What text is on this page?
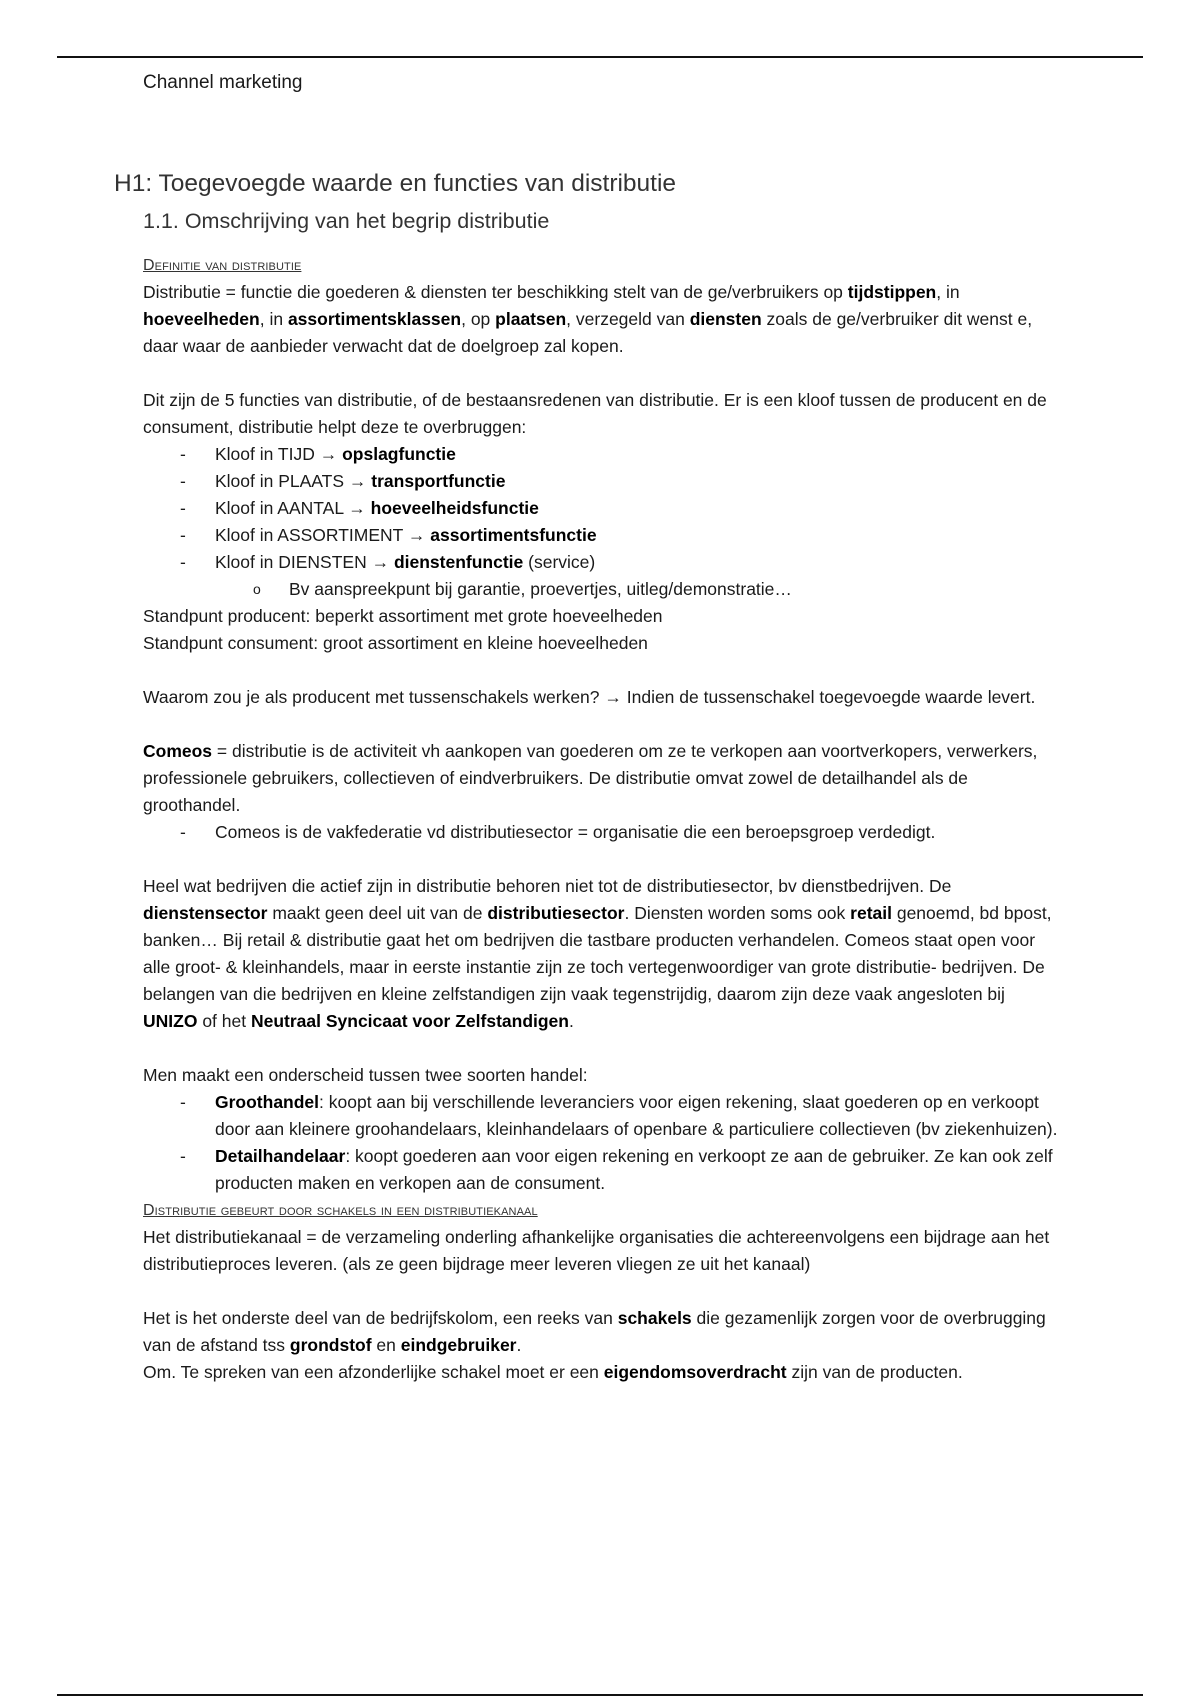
Channel marketing
H1: Toegevoegde waarde en functies van distributie
1.1. Omschrijving van het begrip distributie

Definitie van distributie

Distributie = functie die goederen & diensten ter beschikking stelt van de ge/verbruikers op tijdstippen, in hoeveelheden, in assortimentsklassen, op plaatsen, verzegeld van diensten zoals de ge/verbruiker dit wenst e, daar waar de aanbieder verwacht dat de doelgroep zal kopen.

Dit zijn de 5 functies van distributie, of de bestaansredenen van distributie. Er is een kloof tussen de producent en de consument, distributie helpt deze te overbruggen:

-	Kloof in TIJD → opslagfunctie
-	Kloof in PLAATS → transportfunctie
-	Kloof in AANTAL → hoeveelheidsfunctie
-	Kloof in ASSORTIMENT → assortimentsfunctie
-	Kloof in DIENSTEN → dienstenfunctie (service)
o	Bv aanspreekpunt bij garantie, proevertjes, uitleg/demonstratie…

Standpunt producent: beperkt assortiment met grote hoeveelheden

Standpunt consument: groot assortiment en kleine hoeveelheden

Waarom zou je als producent met tussenschakels werken? → Indien de tussenschakel toegevoegde waarde levert.

Comeos = distributie is de activiteit vh aankopen van goederen om ze te verkopen aan voortverkopers, verwerkers, professionele gebruikers, collectieven of eindverbruikers. De distributie omvat zowel de detailhandel als de groothandel.

-	Comeos is de vakfederatie vd distributiesector = organisatie die een beroepsgroep verdedigt.

Heel wat bedrijven die actief zijn in distributie behoren niet tot de distributiesector, bv dienstbedrijven. De dienstensector maakt geen deel uit van de distributiesector. Diensten worden soms ook retail genoemd, bd bpost, banken… Bij retail & distributie gaat het om bedrijven die tastbare producten verhandelen. Comeos staat open voor alle groot- & kleinhandels, maar in eerste instantie zijn ze toch vertegenwoordiger van grote distributie- bedrijven. De belangen van die bedrijven en kleine zelfstandigen zijn vaak tegenstrijdig, daarom zijn deze vaak angesloten bij UNIZO of het Neutraal Syncicaat voor Zelfstandigen.

Men maakt een onderscheid tussen twee soorten handel:

-	Groothandel: koopt aan bij verschillende leveranciers voor eigen rekening, slaat goederen op en verkoopt door aan kleinere groohandelaars, kleinhandelaars of openbare & particuliere collectieven (bv ziekenhuizen).
-	Detailhandelaar: koopt goederen aan voor eigen rekening en verkoopt ze aan de gebruiker. Ze kan ook zelf producten maken en verkopen aan de consument.

Distributie gebeurt door schakels in een distributiekanaal

Het distributiekanaal = de verzameling onderling afhankelijke organisaties die achtereenvolgens een bijdrage aan het distributieproces leveren. (als ze geen bijdrage meer leveren vliegen ze uit het kanaal)

Het is het onderste deel van de bedrijfskolom, een reeks van schakels die gezamenlijk zorgen voor de overbrugging van de afstand tss grondstof en eindgebruiker.

Om. Te spreken van een afzonderlijke schakel moet er een eigendomsoverdracht zijn van de producten.
